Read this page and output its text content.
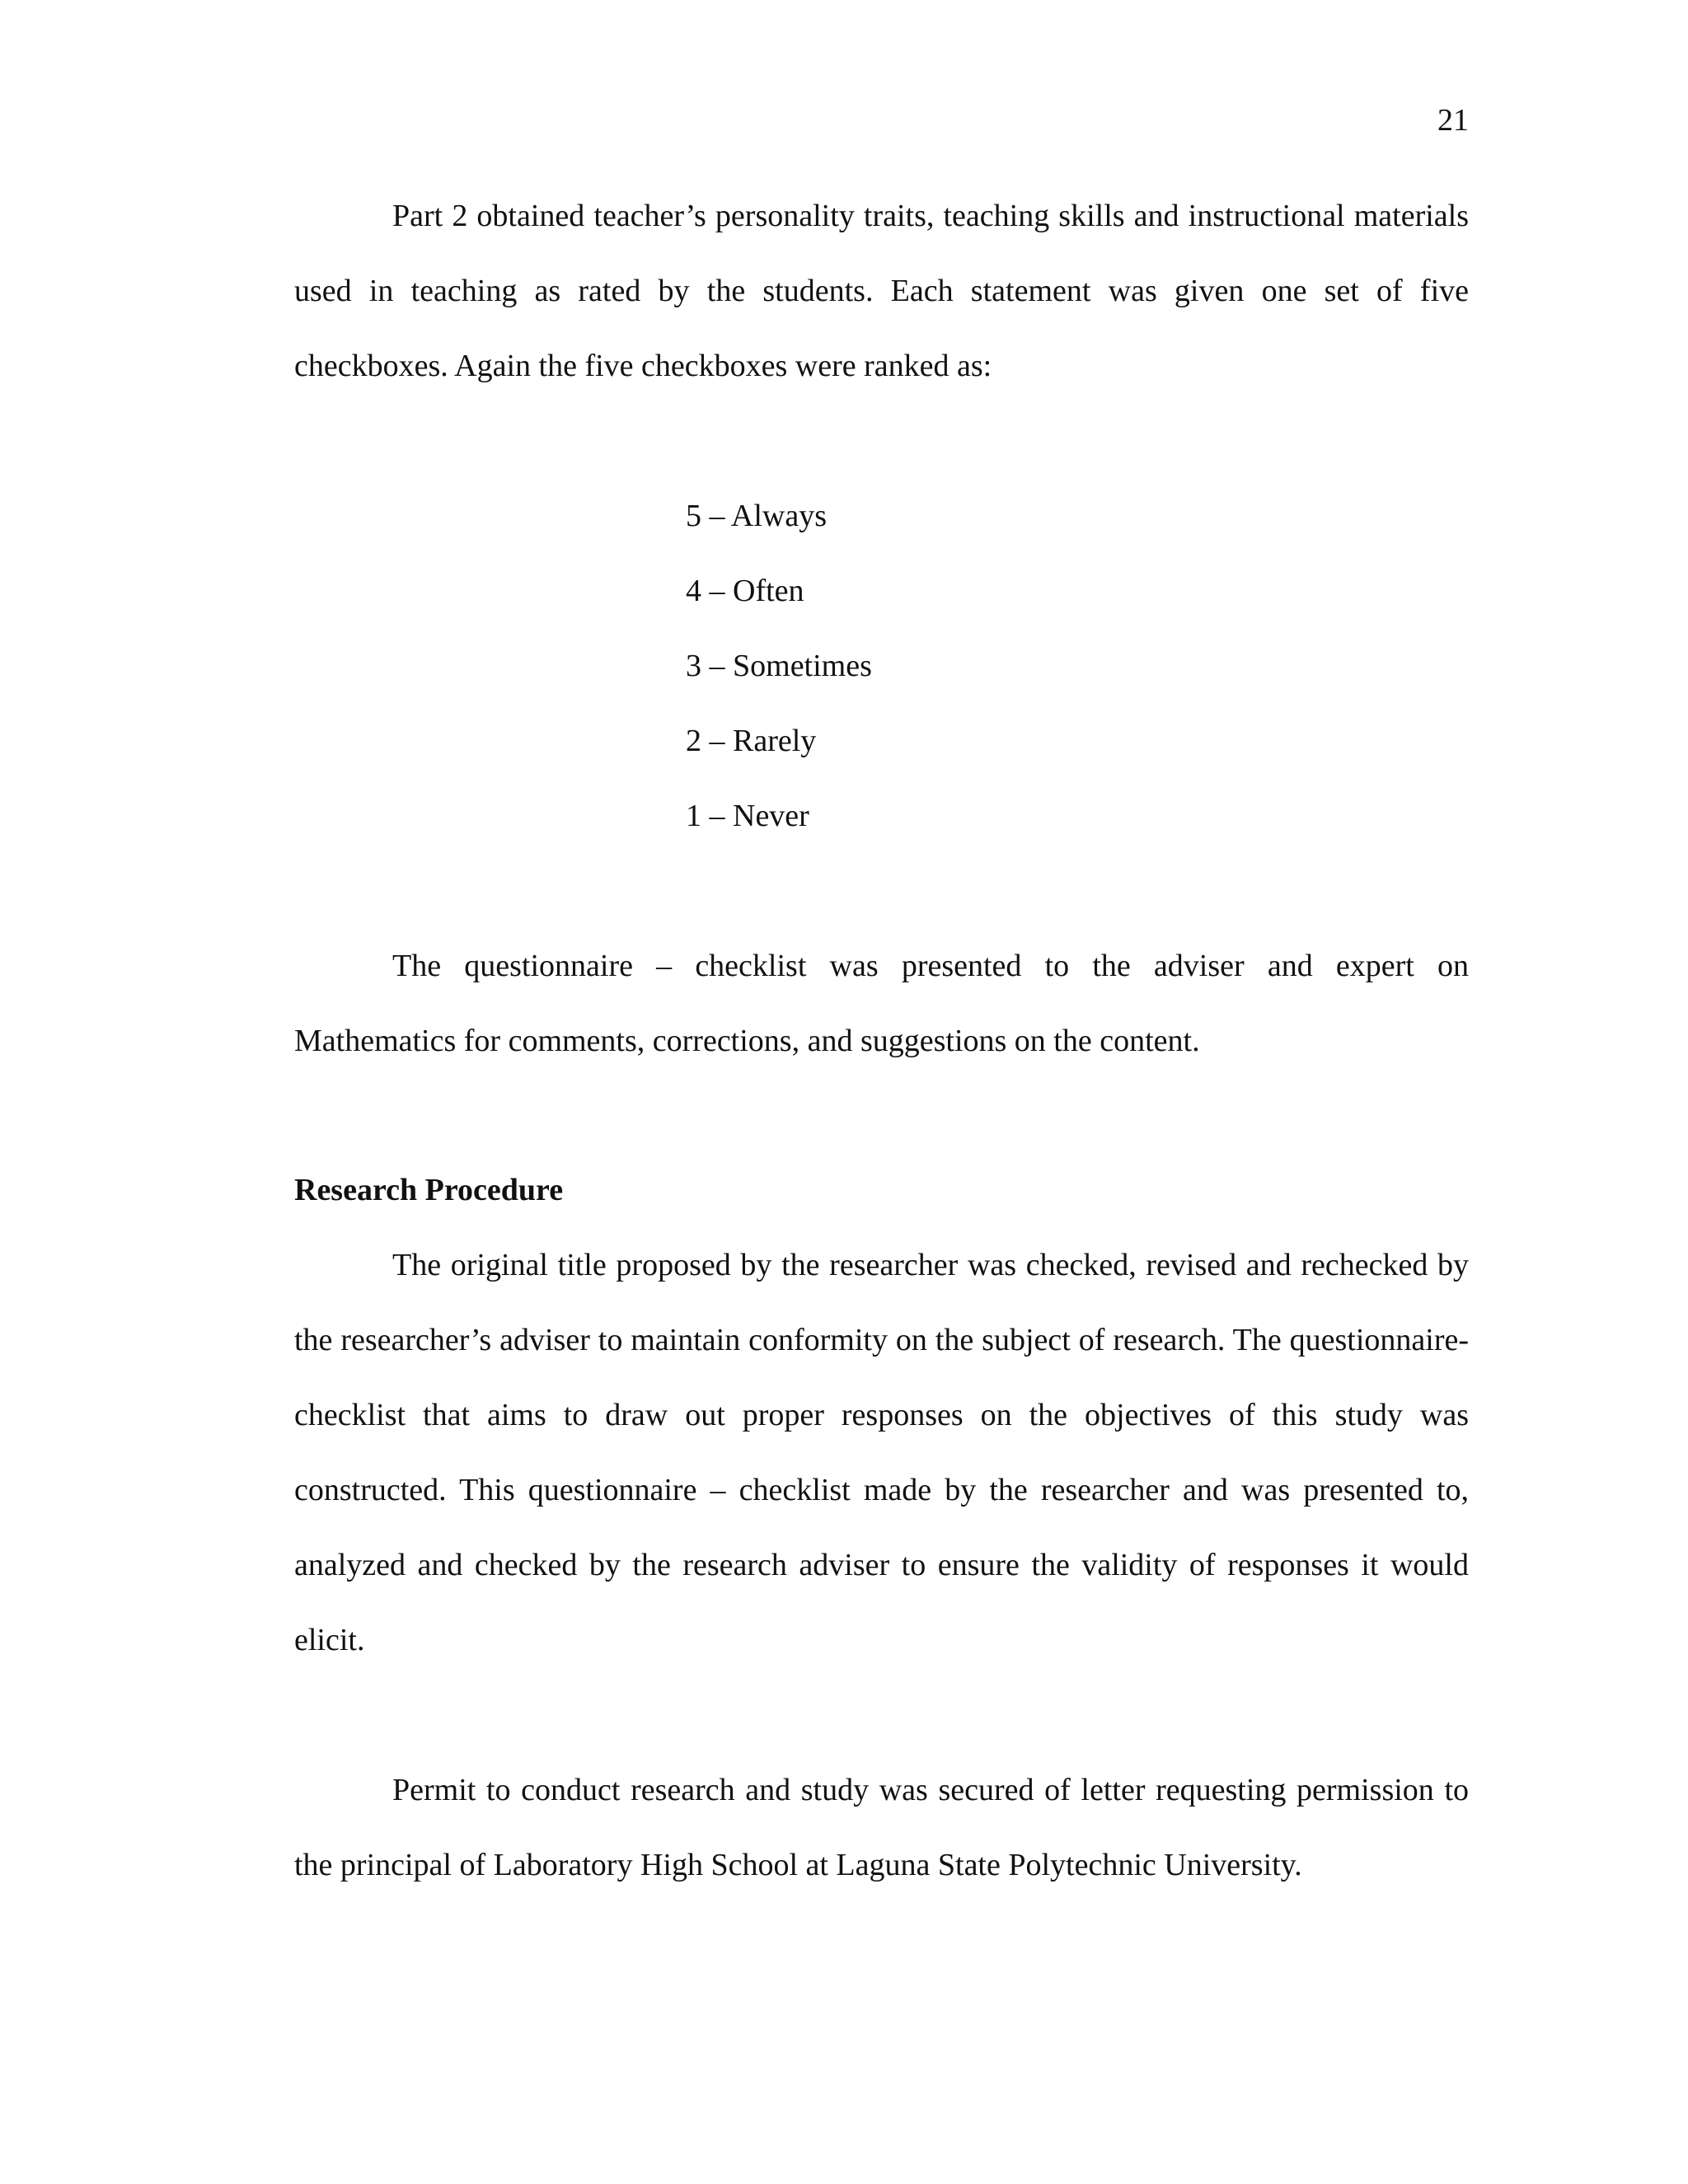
21

Part 2 obtained teacher’s personality traits, teaching skills and instructional materials used in teaching as rated by the students. Each statement was given one set of five checkboxes. Again the five checkboxes were ranked as:

5 – Always
4 – Often
3 – Sometimes
2 – Rarely
1 – Never

The questionnaire – checklist was presented to the adviser and expert on Mathematics for comments, corrections, and suggestions on the content.

Research Procedure

The original title proposed by the researcher was checked, revised and rechecked by the researcher’s adviser to maintain conformity on the subject of research. The questionnaire-checklist that aims to draw out proper responses on the objectives of this study was constructed. This questionnaire – checklist made by the researcher and was presented to, analyzed and checked by the research adviser to ensure the validity of responses it would elicit.

Permit to conduct research and study was secured of letter requesting permission to the principal of Laboratory High School at Laguna State Polytechnic University.
